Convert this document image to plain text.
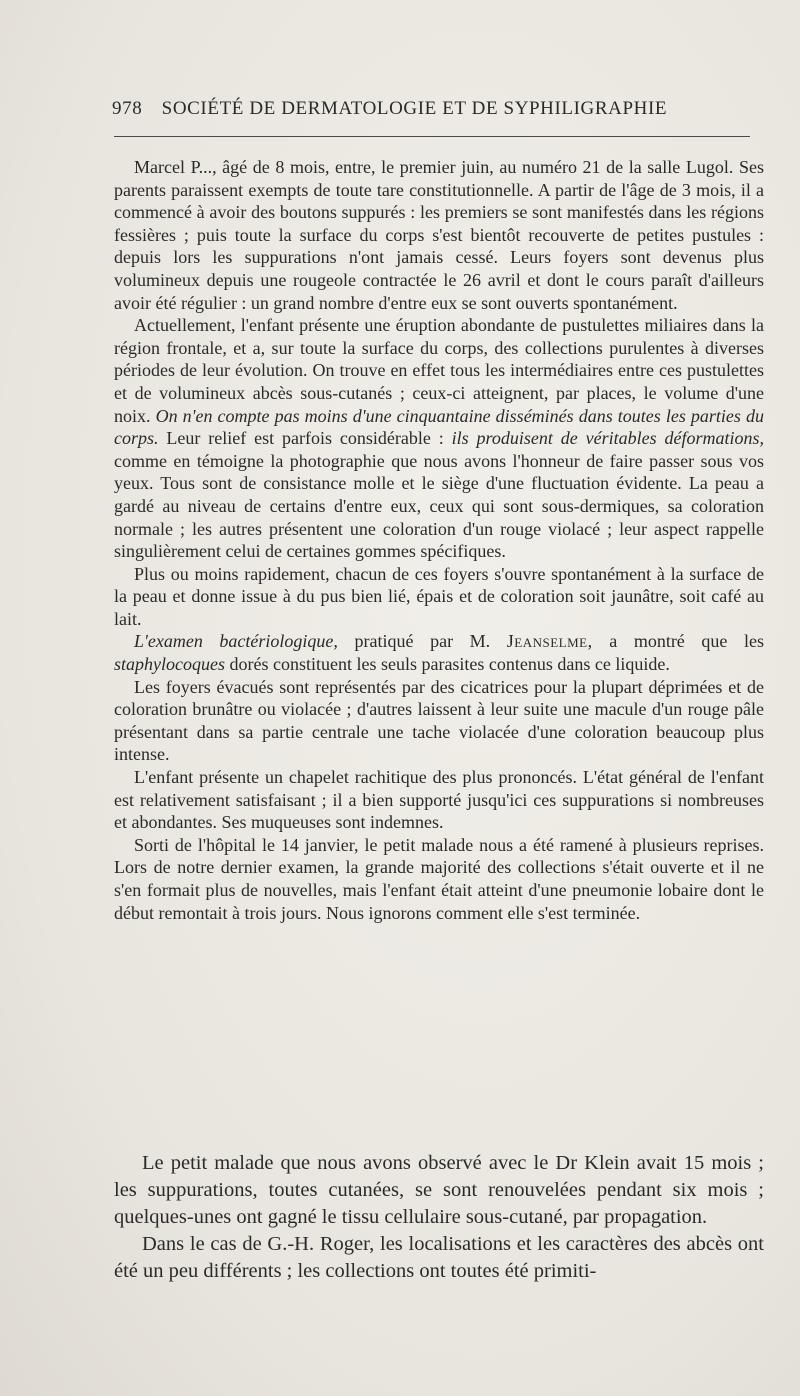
978 SOCIÉTÉ DE DERMATOLOGIE ET DE SYPHILIGRAPHIE

Marcel P..., âgé de 8 mois, entre, le premier juin, au numéro 21 de la salle Lugol. Ses parents paraissent exempts de toute tare constitutionnelle. A partir de l'âge de 3 mois, il a commencé à avoir des boutons suppurés : les premiers se sont manifestés dans les régions fessières ; puis toute la surface du corps s'est bientôt recouverte de petites pustules : depuis lors les suppurations n'ont jamais cessé. Leurs foyers sont devenus plus volumineux depuis une rougeole contractée le 26 avril et dont le cours paraît d'ailleurs avoir été régulier : un grand nombre d'entre eux se sont ouverts spontanément.

Actuellement, l'enfant présente une éruption abondante de pustulettes miliaires dans la région frontale, et a, sur toute la surface du corps, des collections purulentes à diverses périodes de leur évolution. On trouve en effet tous les intermédiaires entre ces pustulettes et de volumineux abcès sous-cutanés ; ceux-ci atteignent, par places, le volume d'une noix. On n'en compte pas moins d'une cinquantaine disséminés dans toutes les parties du corps. Leur relief est parfois considérable : ils produisent de véritables déformations, comme en témoigne la photographie que nous avons l'honneur de faire passer sous vos yeux. Tous sont de consistance molle et le siège d'une fluctuation évidente. La peau a gardé au niveau de certains d'entre eux, ceux qui sont sous-dermiques, sa coloration normale ; les autres présentent une coloration d'un rouge violacé ; leur aspect rappelle singulièrement celui de certaines gommes spécifiques.

Plus ou moins rapidement, chacun de ces foyers s'ouvre spontanément à la surface de la peau et donne issue à du pus bien lié, épais et de coloration soit jaunâtre, soit café au lait.

L'examen bactériologique, pratiqué par M. Jeanselme, a montré que les staphylocoques dorés constituent les seuls parasites contenus dans ce liquide.

Les foyers évacués sont représentés par des cicatrices pour la plupart déprimées et de coloration brunâtre ou violacée ; d'autres laissent à leur suite une macule d'un rouge pâle présentant dans sa partie centrale une tache violacée d'une coloration beaucoup plus intense.

L'enfant présente un chapelet rachitique des plus prononcés. L'état général de l'enfant est relativement satisfaisant ; il a bien supporté jusqu'ici ces suppurations si nombreuses et abondantes. Ses muqueuses sont indemnes.

Sorti de l'hôpital le 14 janvier, le petit malade nous a été ramené à plusieurs reprises. Lors de notre dernier examen, la grande majorité des collections s'était ouverte et il ne s'en formait plus de nouvelles, mais l'enfant était atteint d'une pneumonie lobaire dont le début remontait à trois jours. Nous ignorons comment elle s'est terminée.

Le petit malade que nous avons observé avec le Dr Klein avait 15 mois ; les suppurations, toutes cutanées, se sont renouvelées pendant six mois ; quelques-unes ont gagné le tissu cellulaire sous-cutané, par propagation.

Dans le cas de G.-H. Roger, les localisations et les caractères des abcès ont été un peu différents ; les collections ont toutes été primiti-
